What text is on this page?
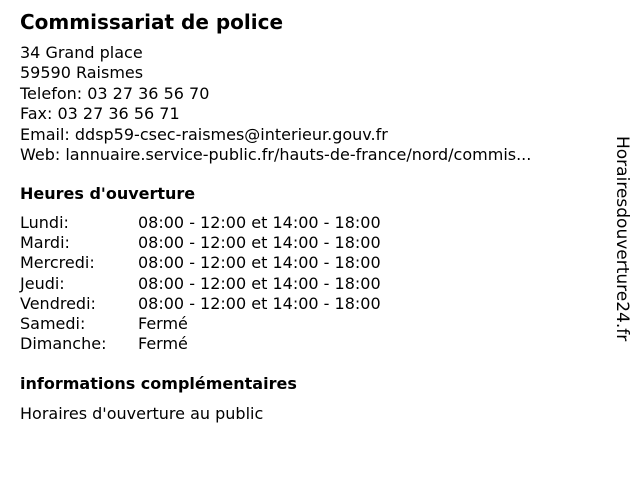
Commissariat de police
34 Grand place
59590 Raismes
Telefon: 03 27 36 56 70
Fax: 03 27 36 56 71
Email: ddsp59-csec-raismes@interieur.gouv.fr
Web: lannuaire.service-public.fr/hauts-de-france/nord/commis...
Heures d'ouverture
Lundi:	08:00 - 12:00 et 14:00 - 18:00
Mardi:	08:00 - 12:00 et 14:00 - 18:00
Mercredi:	08:00 - 12:00 et 14:00 - 18:00
Jeudi:	08:00 - 12:00 et 14:00 - 18:00
Vendredi:	08:00 - 12:00 et 14:00 - 18:00
Samedi:	Fermé
Dimanche:	Fermé
informations complémentaires
Horaires d'ouverture au public
Horairesdouverture24.fr
